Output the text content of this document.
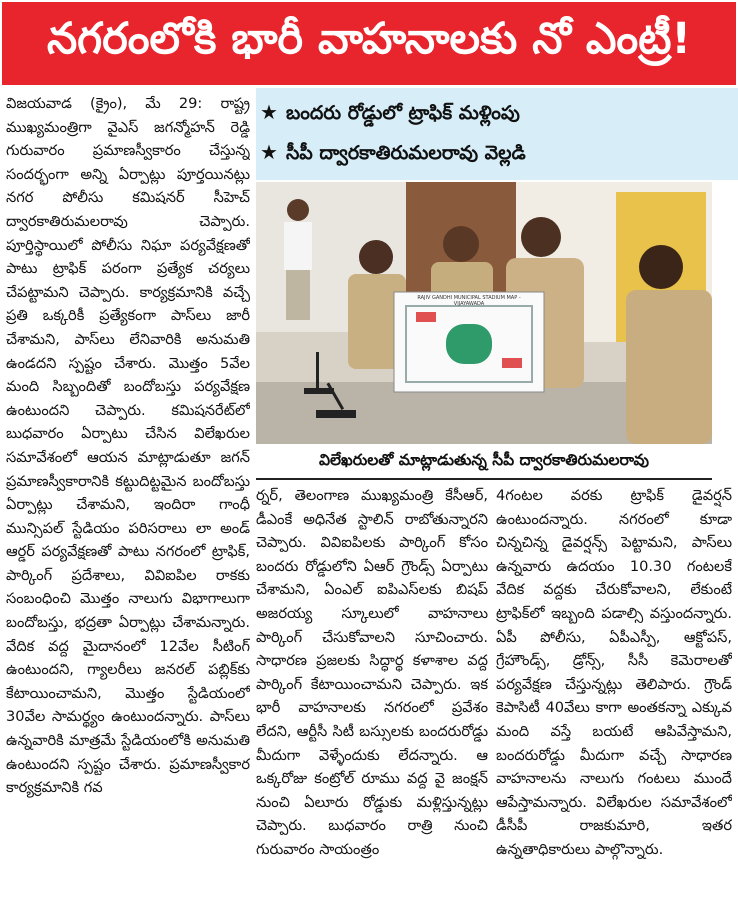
నగరంలోకి భారీ వాహనాలకు నో ఎంట్రీ!

విజయవాడ (క్రైం), మే 29: రాష్ట్ర ముఖ్యమంత్రిగా వైఎస్ జగన్మోహన్ రెడ్డి గురువారం ప్రమాణస్వీకారం చేస్తున్న సందర్భంగా అన్ని ఏర్పాట్లు పూర్తయినట్లు నగర పోలీసు కమిషనర్ సీహెచ్ ద్వారకాతిరుమలరావు చెప్పారు. పూర్తిస్థాయిలో పోలీసు నిఘా పర్యవేక్షణతో పాటు ట్రాఫిక్ పరంగా ప్రత్యేక చర్యలు చేపట్టామని చెప్పారు. కార్యక్రమానికి వచ్చే ప్రతి ఒక్కరికీ ప్రత్యేకంగా పాస్‌లు జారీ చేశామని, పాస్‌లు లేనివారికి అనుమతి ఉండదని స్పష్టం చేశారు. మొత్తం 5వేల మంది సిబ్బందితో బందోబస్తు పర్యవేక్షణ ఉంటుందని చెప్పారు. కమిషనరేట్‌లో బుధవారం ఏర్పాటు చేసిన విలేఖరుల సమావేశంలో ఆయన మాట్లాడుతూ జగన్ ప్రమాణస్వీకారానికి కట్టుదిట్టమైన బందోబస్తు ఏర్పాట్లు చేశామని, ఇందిరా గాంధీ మున్సిపల్ స్టేడియం పరిసరాలు లా అండ్ ఆర్డర్ పర్యవేక్షణతో పాటు నగరంలో ట్రాఫిక్, పార్కింగ్ ప్రదేశాలు, వివిఐపిల రాకకు సంబంధించి మొత్తం నాలుగు విభాగాలుగా బందోబస్తు, భద్రతా ఏర్పాట్లు చేశామన్నారు. వేదిక వద్ద మైదానంలో 12వేల సీటింగ్ ఉంటుందని, గ్యాలరీలు జనరల్ పబ్లిక్‌కు కేటాయించామని, మొత్తం స్టేడియంలో 30వేల సామర్థ్యం ఉంటుందన్నారు. పాస్‌లు ఉన్నవారికి మాత్రమే స్టేడియంలోకి అనుమతి ఉంటుందని స్పష్టం చేశారు. ప్రమాణస్వీకార కార్యక్రమానికి గవ

★ బందరు రోడ్డులో ట్రాఫిక్ మళ్లింపు
★ సీపీ ద్వారకాతిరుమలరావు వెల్లడి
RAJIV GANDHI MUNICIPAL STADIUM MAP - VIJAYAWADA
విలేఖరులతో మాట్లాడుతున్న సీపీ ద్వారకాతిరుమలరావు

ర్నర్, తెలంగాణ ముఖ్యమంత్రి కేసీఆర్, డీఎంకే అధినేత స్టాలిన్ రాబోతున్నారని చెప్పారు. వివిఐపిలకు పార్కింగ్ కోసం బందరు రోడ్డులోని ఏఆర్ గ్రౌండ్స్ ఏర్పాటు చేశామని, ఏంఎల్ ఐపిఎస్‌లకు బిషప్ అజరయ్య స్కూలులో వాహనాలు పార్కింగ్ చేసుకోవాలని సూచించారు. సాధారణ ప్రజలకు సిద్ధార్థ కళాశాల వద్ద పార్కింగ్ కేటాయించామని చెప్పారు. ఇక భారీ వాహనాలకు నగరంలో ప్రవేశం లేదని, ఆర్టీసీ సిటీ బస్సులకు బందరురోడ్డు మీదుగా వెళ్ళేందుకు లేదన్నారు. ఆ ఒక్కరోజు కంట్రోల్ రూము వద్ద వై జంక్షన్ నుంచి ఏలూరు రోడ్డుకు మళ్లిస్తున్నట్లు చెప్పారు. బుధవారం రాత్రి నుంచి గురువారం సాయంత్రం

4గంటల వరకు ట్రాఫిక్ డైవర్షన్ ఉంటుందన్నారు. నగరంలో కూడా చిన్నచిన్న డైవర్షన్స్ పెట్టామని, పాస్‌లు ఉన్నవారు ఉదయం 10.30 గంటలకే వేదిక వద్దకు చేరుకోవాలని, లేకుంటే ట్రాఫిక్‌లో ఇబ్బంది పడాల్సి వస్తుందన్నారు. ఏపీ పోలీసు, ఏపీఎస్పీ, ఆక్టోపస్, గ్రేహౌండ్స్, డ్రోన్స్, సీసీ కెమెరాలతో పర్యవేక్షణ చేస్తున్నట్లు తెలిపారు. గ్రౌండ్ కెపాసిటీ 40వేలు కాగా అంతకన్నా ఎక్కువ మంది వస్తే బయటే ఆపివేస్తామని, బందరురోడ్డు మీదుగా వచ్చే సాధారణ వాహనాలను నాలుగు గంటలు ముందే ఆపేస్తామన్నారు. విలేఖరుల సమావేశంలో డీసీపీ రాజకుమారి, ఇతర ఉన్నతాధికారులు పాల్గొన్నారు.
